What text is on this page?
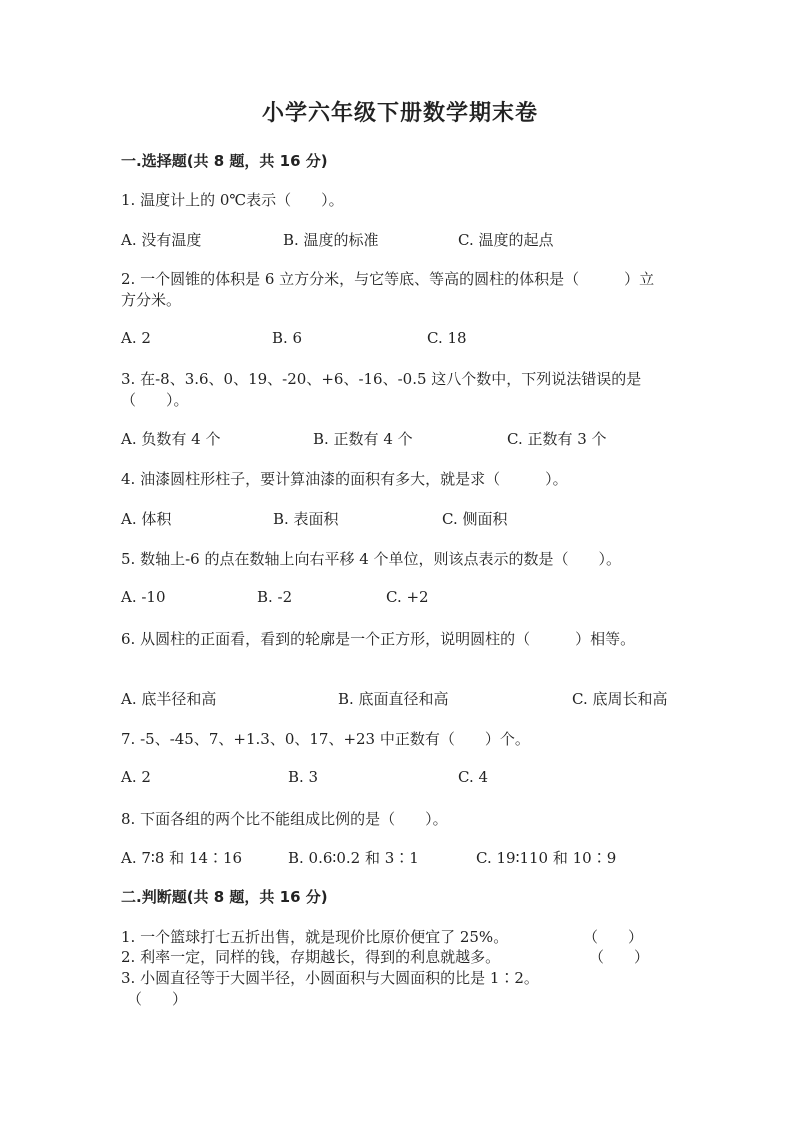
小学六年级下册数学期末卷
一.选择题(共 8 题，共 16 分)
1. 温度计上的 0℃表示（　　）。
A. 没有温度	B. 温度的标准	C. 温度的起点
2. 一个圆锥的体积是 6 立方分米，与它等底、等高的圆柱的体积是（　　　）立
方分米。
A. 2	B. 6	C. 18
3. 在-8、3.6、0、19、-20、+6、-16、-0.5 这八个数中，下列说法错误的是
（　　）。
A. 负数有 4 个	B. 正数有 4 个	C. 正数有 3 个
4. 油漆圆柱形柱子，要计算油漆的面积有多大，就是求（　　　）。
A. 体积	B. 表面积	C. 侧面积
5. 数轴上-6 的点在数轴上向右平移 4 个单位，则该点表示的数是（　　）。
A. -10	B. -2	C. +2
6. 从圆柱的正面看，看到的轮廓是一个正方形，说明圆柱的（　　　）相等。
A. 底半径和高	B. 底面直径和高	C. 底周长和高
7. -5、-45、7、+1.3、0、17、+23 中正数有（　　）个。
A. 2	B. 3	C. 4
8. 下面各组的两个比不能组成比例的是（　　）。
A. 7∶8 和 14∶16	B. 0.6∶0.2 和 3∶1	C. 19∶110 和 10∶9
二.判断题(共 8 题，共 16 分)
1. 一个篮球打七五折出售，就是现价比原价便宜了 25%。	（　　）
2. 利率一定，同样的钱，存期越长，得到的利息就越多。	（　　）
3. 小圆直径等于大圆半径，小圆面积与大圆面积的比是 1∶2。
（　　）
